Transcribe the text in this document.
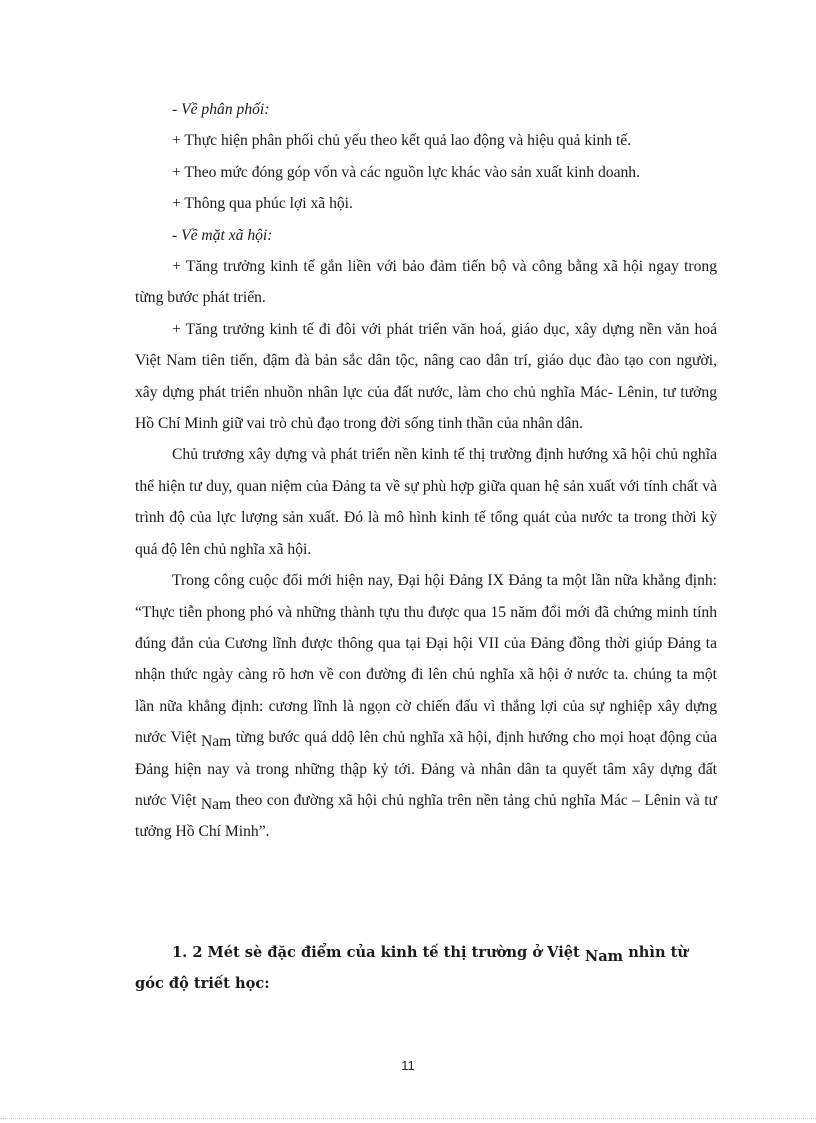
- Về phân phối:

+ Thực hiện phân phối chủ yếu theo kết quả lao động và hiệu quả kinh tế.

+ Theo mức đóng góp vốn và các nguồn lực khác vào sản xuất kinh doanh.

+ Thông qua phúc lợi xã hội.

- Về mặt xã hội:

+ Tăng trưởng kinh tế gắn liền với bảo đảm tiến bộ và công bằng xã hội ngay trong từng bước phát triển.

+ Tăng trưởng kinh tế đi đôi với phát triển văn hoá, giáo dục, xây dựng nền văn hoá Việt Nam tiên tiến, đậm đà bản sắc dân tộc, nâng cao dân trí, giáo dục đào tạo con người, xây dựng phát triển nhuồn nhân lực của đất nước, làm cho chủ nghĩa Mác- Lênin, tư tưởng Hồ Chí Minh giữ vai trò chủ đạo trong đời sống tinh thần của nhân dân.

Chủ trương xây dựng và phát triển nền kinh tế thị trường định hướng xã hội chủ nghĩa thể hiện tư duy, quan niệm của Đảng ta về sự phù hợp giữa quan hệ sản xuất với tính chất và trình độ của lực lượng sản xuất. Đó là mô hình kinh tế tổng quát của nước ta trong thời kỳ quá độ lên chủ nghĩa xã hội.

Trong công cuộc đổi mới hiện nay, Đại hội Đảng IX Đảng ta một lần nữa khẳng định: “Thực tiễn phong phó và những thành tựu thu được qua 15 năm đổi mới đã chứng minh tính đúng đắn của Cương lĩnh được thông qua tại Đại hội VII của Đảng đồng thời giúp Đảng ta nhận thức ngày càng rõ hơn về con đường đi lên chủ nghĩa xã hội ở nước ta. chúng ta một lần nữa khẳng định: cương lĩnh là ngọn cờ chiến đấu vì thắng lợi của sự nghiệp xây dựng nước Việt Nam từng bước quá ddộ lên chủ nghĩa xã hội, định hướng cho mọi hoạt động của Đảng hiện nay và trong những thập kỷ tới. Đảng và nhân dân ta quyết tâm xây dựng đất nước Việt Nam theo con đường xã hội chủ nghĩa trên nền tảng chủ nghĩa Mác – Lênin và tư tưởng Hồ Chí Minh”.

1. 2 Mét sè đặc điểm của kinh tế thị trường ở Việt Nam nhìn từ góc độ triết học:

11
